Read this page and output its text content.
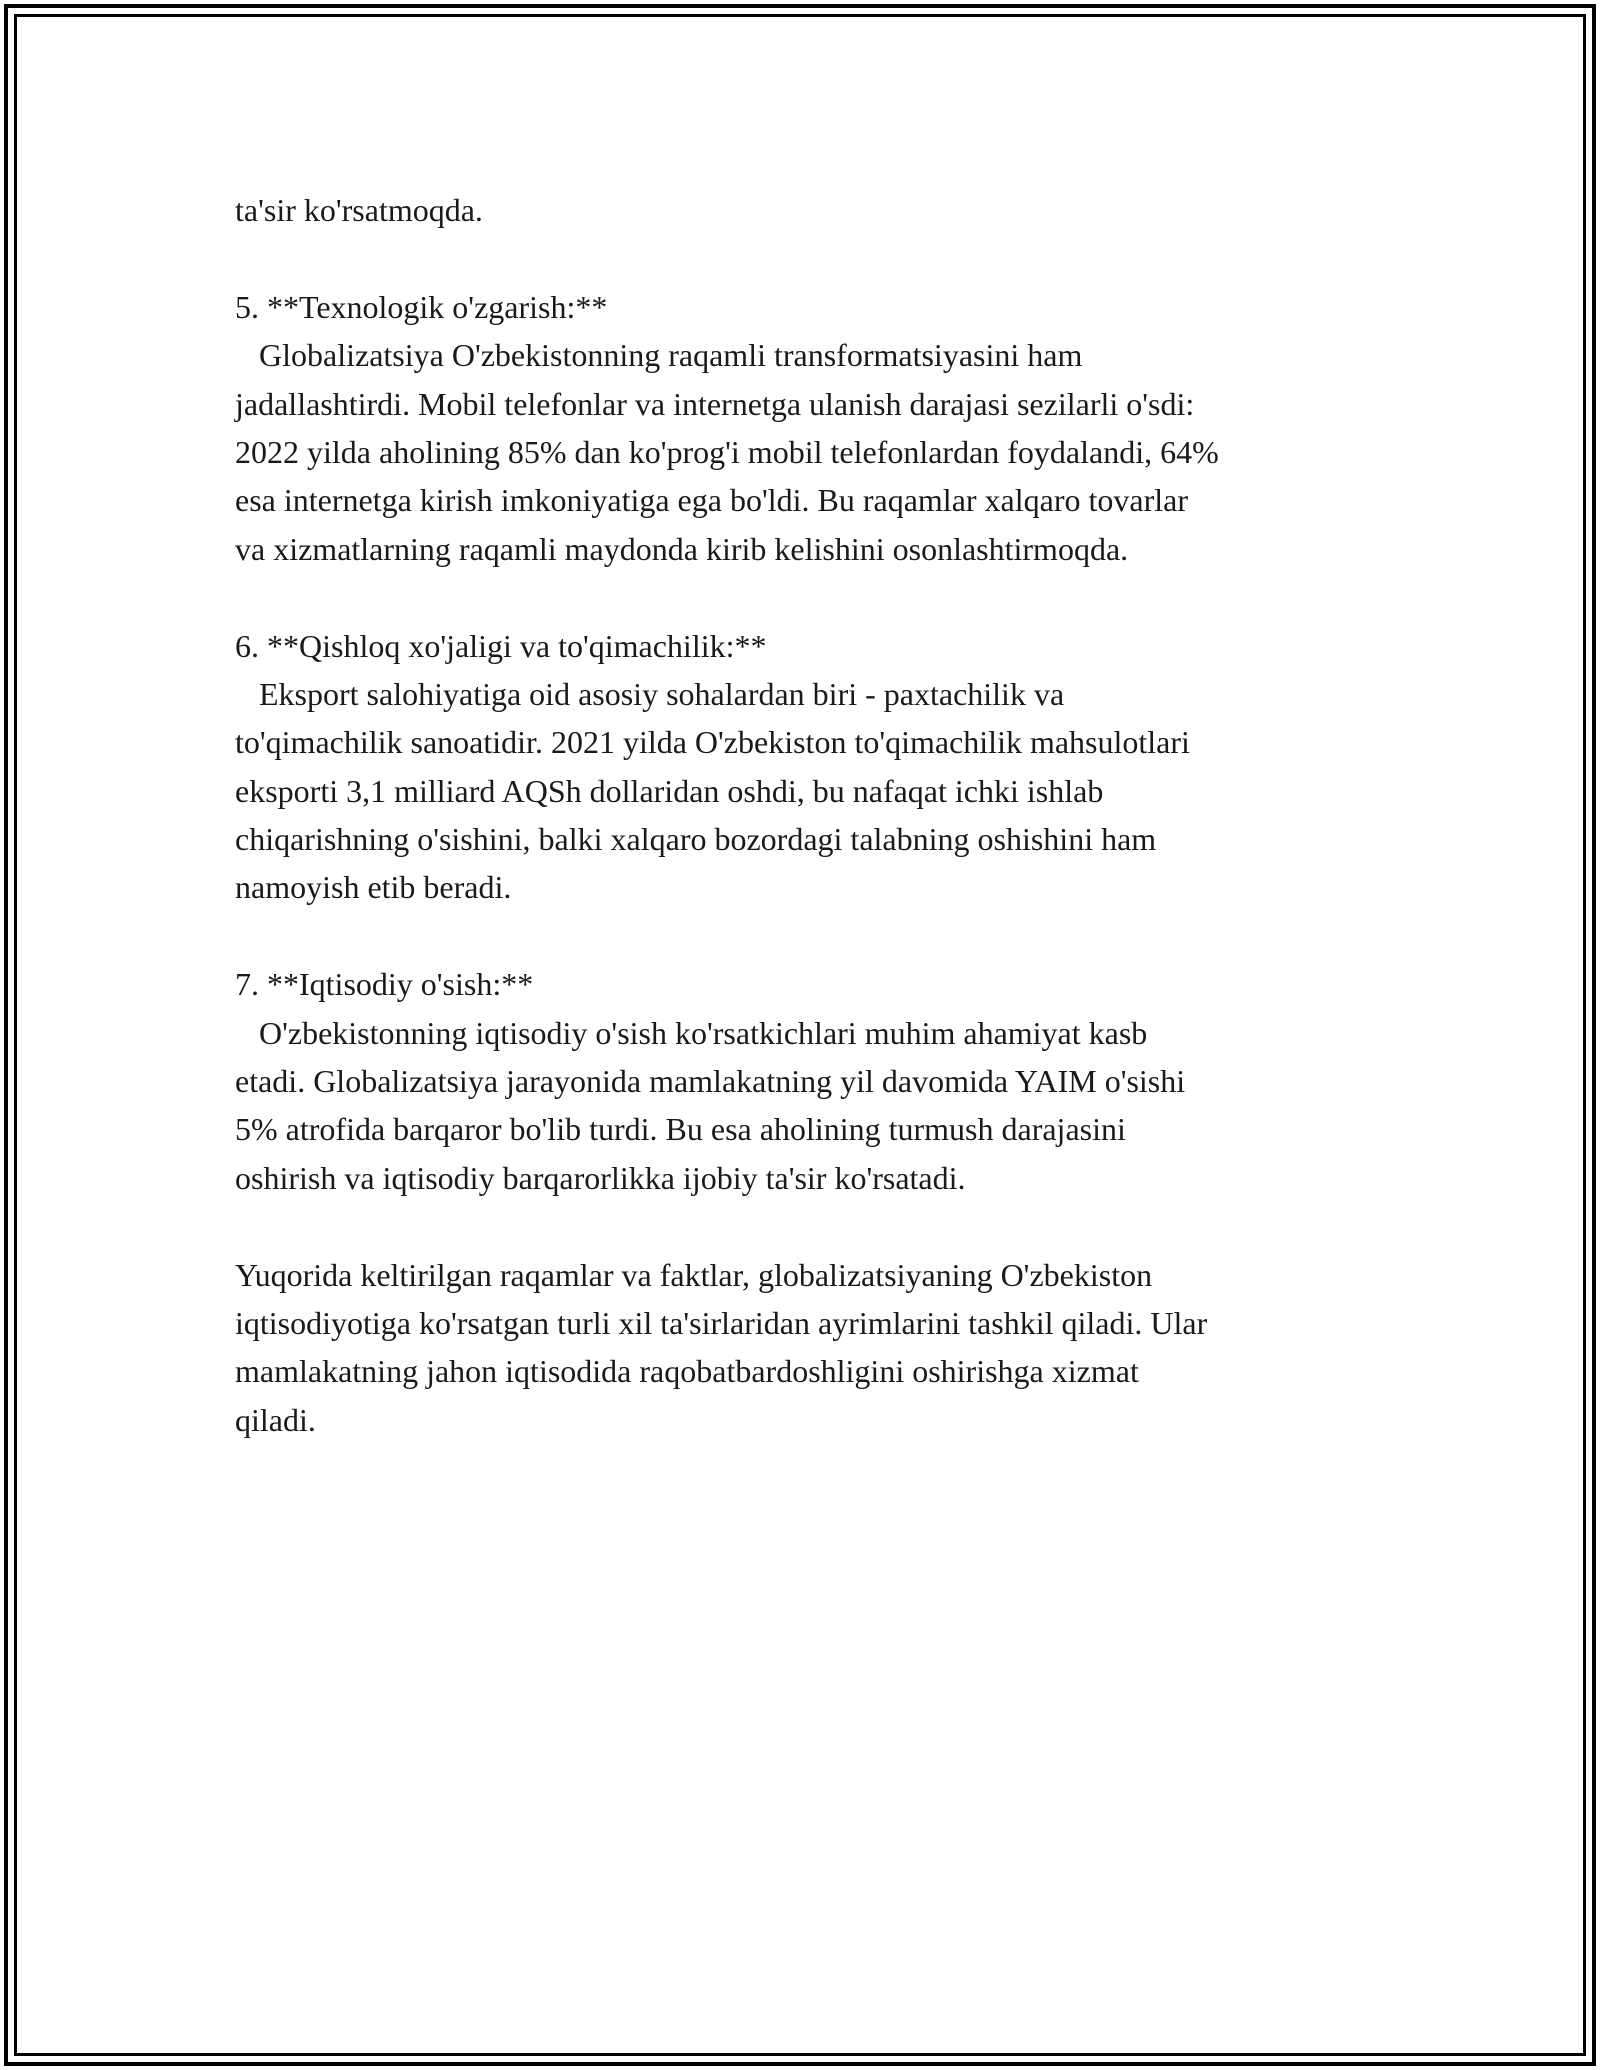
ta'sir ko'rsatmoqda.
5. **Texnologik o'zgarish:**
Globalizatsiya O'zbekistonning raqamli transformatsiyasini ham
jadallashtirdi. Mobil telefonlar va internetga ulanish darajasi sezilarli o'sdi:
2022 yilda aholining 85% dan ko'prog'i mobil telefonlardan foydalandi, 64%
esa internetga kirish imkoniyatiga ega bo'ldi. Bu raqamlar xalqaro tovarlar
va xizmatlarning raqamli maydonda kirib kelishini osonlashtirmoqda.
6. **Qishloq xo'jaligi va to'qimachilik:**
Eksport salohiyatiga oid asosiy sohalardan biri - paxtachilik va
to'qimachilik sanoatidir. 2021 yilda O'zbekiston to'qimachilik mahsulotlari
eksporti 3,1 milliard AQSh dollaridan oshdi, bu nafaqat ichki ishlab
chiqarishning o'sishini, balki xalqaro bozordagi talabning oshishini ham
namoyish etib beradi.
7. **Iqtisodiy o'sish:**
O'zbekistonning iqtisodiy o'sish ko'rsatkichlari muhim ahamiyat kasb
etadi. Globalizatsiya jarayonida mamlakatning yil davomida YAIM o'sishi
5% atrofida barqaror bo'lib turdi. Bu esa aholining turmush darajasini
oshirish va iqtisodiy barqarorlikka ijobiy ta'sir ko'rsatadi.
Yuqorida keltirilgan raqamlar va faktlar, globalizatsiyaning O'zbekiston
iqtisodiyotiga ko'rsatgan turli xil ta'sirlaridan ayrimlarini tashkil qiladi. Ular
mamlakatning jahon iqtisodida raqobatbardoshligini oshirishga xizmat
qiladi.
